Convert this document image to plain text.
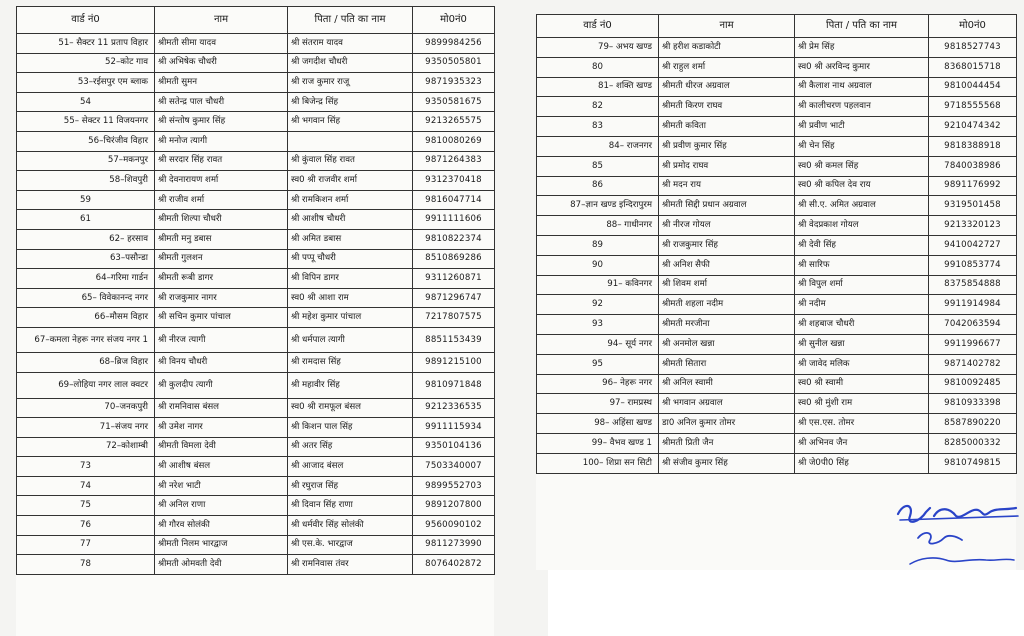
वार्ड नं0	नाम	पिता / पति का नाम	मो0नं0
51– सैक्टर 11 प्रताप विहार	श्रीमती सीमा यादव	श्री संतराम यादव	9899984256
52–कोट गाव	श्री अभिषेक चौधरी	श्री जगदीश चौधरी	9350505801
53–रईसपुर एम ब्लाक	श्रीमती सुमन	श्री राज कुमार राजू	9871935323
54	श्री सतेन्द्र पाल चौधरी	श्री बिजेन्द्र सिंह	9350581675
55– सेक्टर 11 विजयनगर	श्री संन्तोष कुमार सिंह	श्री भगवान सिंह	9213265575
56–चिरंजीव विहार	श्री मनोज त्यागी		9810080269
57–मकनपुर	श्री सरदार सिंह रावत	श्री कुंवाल सिंह रावत	9871264383
58–शिवपुरी	श्री देवनारायण शर्मा	स्व0 श्री राजवीर शर्मा	9312370418
59	श्री राजीव शर्मा	श्री रामकिशन शर्मा	9816047714
61	श्रीमती शिल्पा चौधरी	श्री आशीष चौधरी	9911111606
62– हरसाव	श्रीमती मनु डबास	श्री अमित डबास	9810822374
63–पसौन्डा	श्रीमती गुलशन	श्री पप्पू चौधरी	8510869286
64–गरिमा गार्डन	श्रीमती रूबी डागर	श्री विपिन डागर	9311260871
65– विवेकानन्द नगर	श्री राजकुमार नागर	स्व0 श्री आशा राम	9871296747
66–मौसम विहार	श्री सचिन कुमार पांचाल	श्री महेश कुमार पांचाल	7217807575
67–कमला नेहरू नगर संजय नगर 1	श्री नीरज त्यागी	श्री धर्मपाल त्यागी	8851153439
68–ब्रिज विहार	श्री विनय चौधरी	श्री रामदास सिंह	9891215100
69–लोहिया नगर लाल क्वटर	श्री कुलदीप त्यागी	श्री महावीर सिंह	9810971848
70–जनकपुरी	श्री रामनिवास बंसल	स्व0 श्री रामफूल बंसल	9212336535
71–संजय नगर	श्री उमेश नागर	श्री किशन पाल सिंह	9911115934
72–कोशाम्बी	श्रीमती विमला देवी	श्री अतर सिंह	9350104136
73	श्री आशीष बंसल	श्री आजाद बंसल	7503340007
74	श्री नरेश भाटी	श्री रघुराज सिंह	9899552703
75	श्री अनिल राणा	श्री दिवान सिंह राणा	9891207800
76	श्री गौरव सोलंकी	श्री धर्मवीर सिंह सोलंकी	9560090102
77	श्रीमती निलम भारद्वाज	श्री एस.के. भारद्वाज	9811273990
78	श्रीमती ओमवती देवी	श्री रामनिवास तंवर	8076402872
वार्ड नं0	नाम	पिता / पति का नाम	मो0नं0
79– अभय खण्ड	श्री हरीश कडाकोटी	श्री प्रेम सिंह	9818527743
80	श्री राहुल शर्मा	स्व0 श्री अरविन्द कुमार	8368015718
81– शक्ति खण्ड	श्रीमती धीरज अग्रवाल	श्री कैलाश नाथ अग्रवाल	9810044454
82	श्रीमती किरण राघव	श्री कालीचरण पहलवान	9718555568
83	श्रीमती कविता	श्री प्रवीण भाटी	9210474342
84– राजनगर	श्री प्रवीण कुमार सिंह	श्री चेन सिंह	9818388918
85	श्री प्रमोद राघव	स्व0 श्री कमल सिंह	7840038986
86	श्री मदन राय	स्व0 श्री कपिल देव राय	9891176992
87–ज्ञान खण्ड इन्दिरापुरम	श्रीमती सिद्दी प्रधान अग्रवाल	श्री सी.ए. अमित अग्रवाल	9319501458
88– गाधीनगर	श्री नीरज गोयल	श्री वेदप्रकाश गोयल	9213320123
89	श्री राजकुमार सिंह	श्री देवी सिंह	9410042727
90	श्री अनिश सैफी	श्री सारिफ	9910853774
91– कविनगर	श्री शिवम शर्मा	श्री विपुल शर्मा	8375854888
92	श्रीमती शहला नदीम	श्री नदीम	9911914984
93	श्रीमती मरजीना	श्री शहबाज चौधरी	7042063594
94– सूर्य नगर	श्री अनमोल खन्ना	श्री सुनील खन्ना	9911996677
95	श्रीमती सितारा	श्री जावेद मलिक	9871402782
96– नेहरू नगर	श्री अनिल स्वामी	स्व0 श्री स्वामी	9810092485
97– रामप्रस्थ	श्री भगवान अग्रवाल	स्व0 श्री मुंशी राम	9810933398
98– अहिंसा खण्ड	डा0 अनिल कुमार तोमर	श्री एस.एस. तोमर	8587890220
99– वैभव खण्ड 1	श्रीमती प्रिती जैन	श्री अभिनव जैन	8285000332
100– शिप्रा सन सिटी	श्री संजीव कुमार सिंह	श्री जे0पी0 सिंह	9810749815
